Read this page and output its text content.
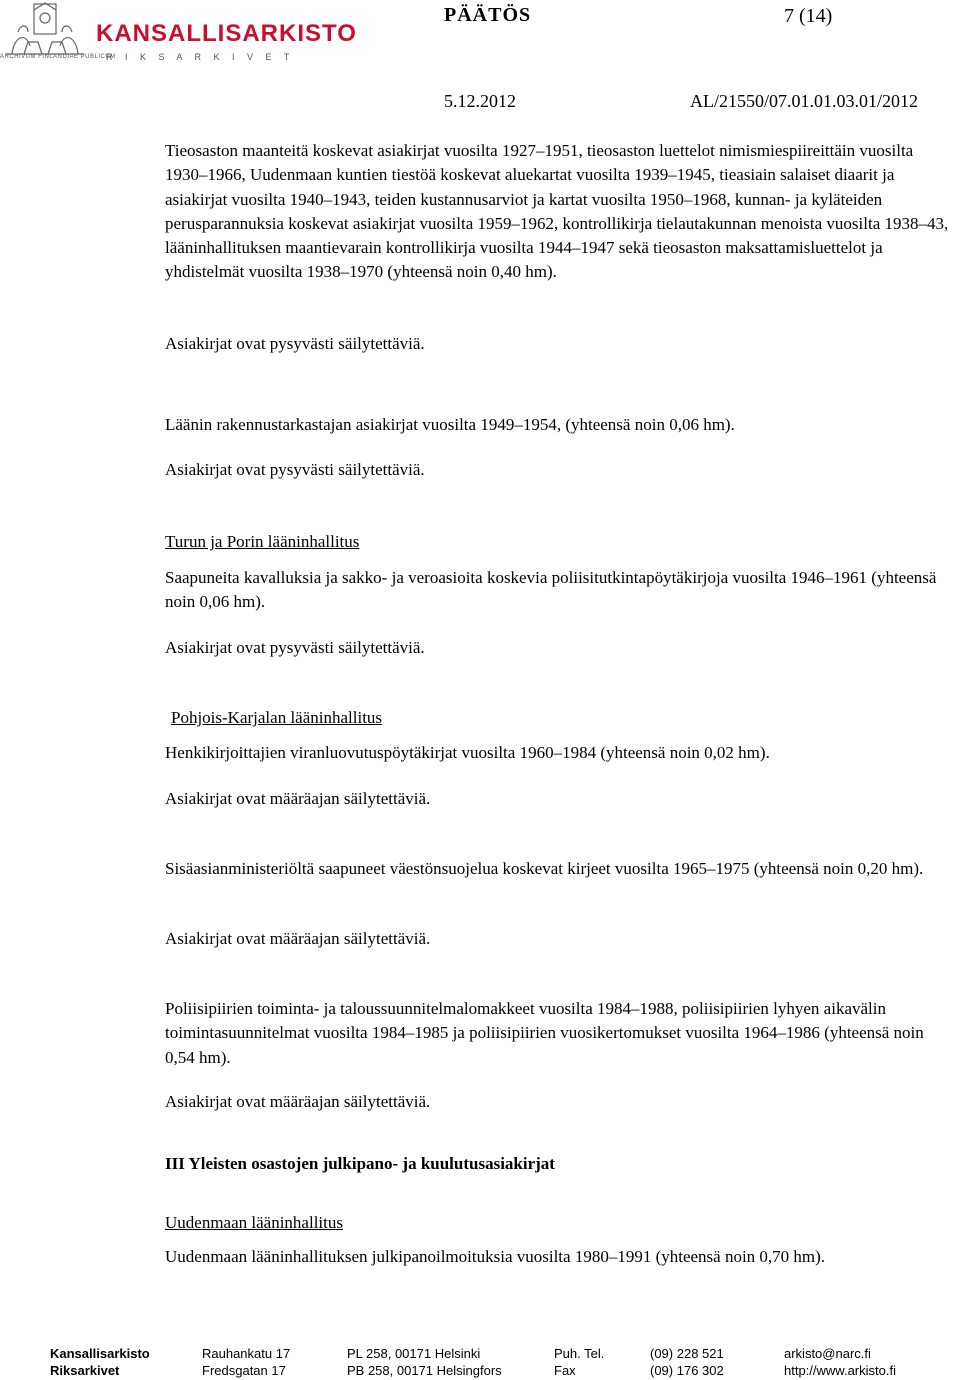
KANSALLISARKISTO
ARCHIVUM FINLANDIAE PUBLICUM
R I K S A R K I V E T
PÄÄTÖS	7 (14)
5.12.2012	AL/21550/07.01.01.03.01/2012
Tieosaston maanteitä koskevat asiakirjat vuosilta 1927–1951, tieosaston luettelot nimismiespiireittäin vuosilta 1930–1966, Uudenmaan kuntien tiestöä koskevat aluekartat vuosilta 1939–1945, tieasiain salaiset diaarit ja asiakirjat vuosilta 1940–1943, teiden kustannusarviot ja kartat vuosilta 1950–1968, kunnan- ja kyläteiden perusparannuksia koskevat asiakirjat vuosilta 1959–1962, kontrollikirja tielautakunnan menoista vuosilta 1938–43, lääninhallituksen maantievarain kontrollikirja vuosilta 1944–1947 sekä tieosaston maksattamisluettelot ja yhdistelmät vuosilta 1938–1970 (yhteensä noin 0,40 hm).
Asiakirjat ovat pysyvästi säilytettäviä.
Läänin rakennustarkastajan asiakirjat vuosilta 1949–1954, (yhteensä noin 0,06 hm).
Asiakirjat ovat pysyvästi säilytettäviä.
Turun ja Porin lääninhallitus
Saapuneita kavalluksia ja sakko- ja veroasioita koskevia poliisitutkintapöytäkirjoja vuosilta 1946–1961 (yhteensä noin 0,06 hm).
Asiakirjat ovat pysyvästi säilytettäviä.
Pohjois-Karjalan lääninhallitus
Henkikirjoittajien viranluovutuspöytäkirjat vuosilta 1960–1984 (yhteensä noin 0,02 hm).
Asiakirjat ovat määräajan säilytettäviä.
Sisäasianministeriöltä saapuneet väestönsuojelua koskevat kirjeet vuosilta 1965–1975 (yhteensä noin 0,20 hm).
Asiakirjat ovat määräajan säilytettäviä.
Poliisipiirien toiminta- ja taloussuunnitelmalomakkeet vuosilta 1984–1988, poliisipiirien lyhyen aikavälin toimintasuunnitelmat vuosilta 1984–1985 ja poliisipiirien vuosikertomukset vuosilta 1964–1986 (yhteensä noin 0,54 hm).
Asiakirjat ovat määräajan säilytettäviä.
III Yleisten osastojen julkipano- ja kuulutusasiakirjat
Uudenmaan lääninhallitus
Uudenmaan lääninhallituksen julkipanoilmoituksia vuosilta 1980–1991 (yhteensä noin 0,70 hm).
Kansallisarkisto	Rauhankatu 17	PL 258, 00171 Helsinki	Puh. Tel.	(09) 228 521	arkisto@narc.fi
Riksarkivet	Fredsgatan 17	PB 258, 00171 Helsingfors	Fax	(09) 176 302	http://www.arkisto.fi
